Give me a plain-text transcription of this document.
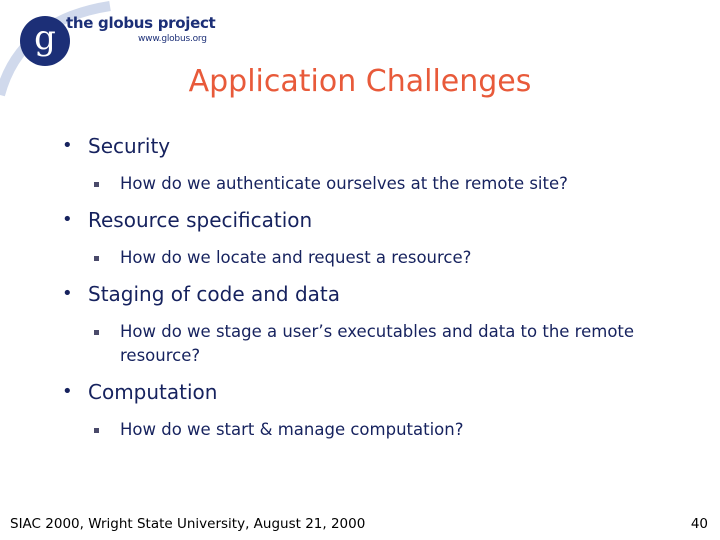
g the globus project
www.globus.org
Application Challenges
• Security
How do we authenticate ourselves at the remote site?
• Resource specification
How do we locate and request a resource?
• Staging of code and data
How do we stage a user’s executables and data to the remote resource?
• Computation
How do we start & manage computation?
SIAC 2000, Wright State University, August 21, 2000	40
